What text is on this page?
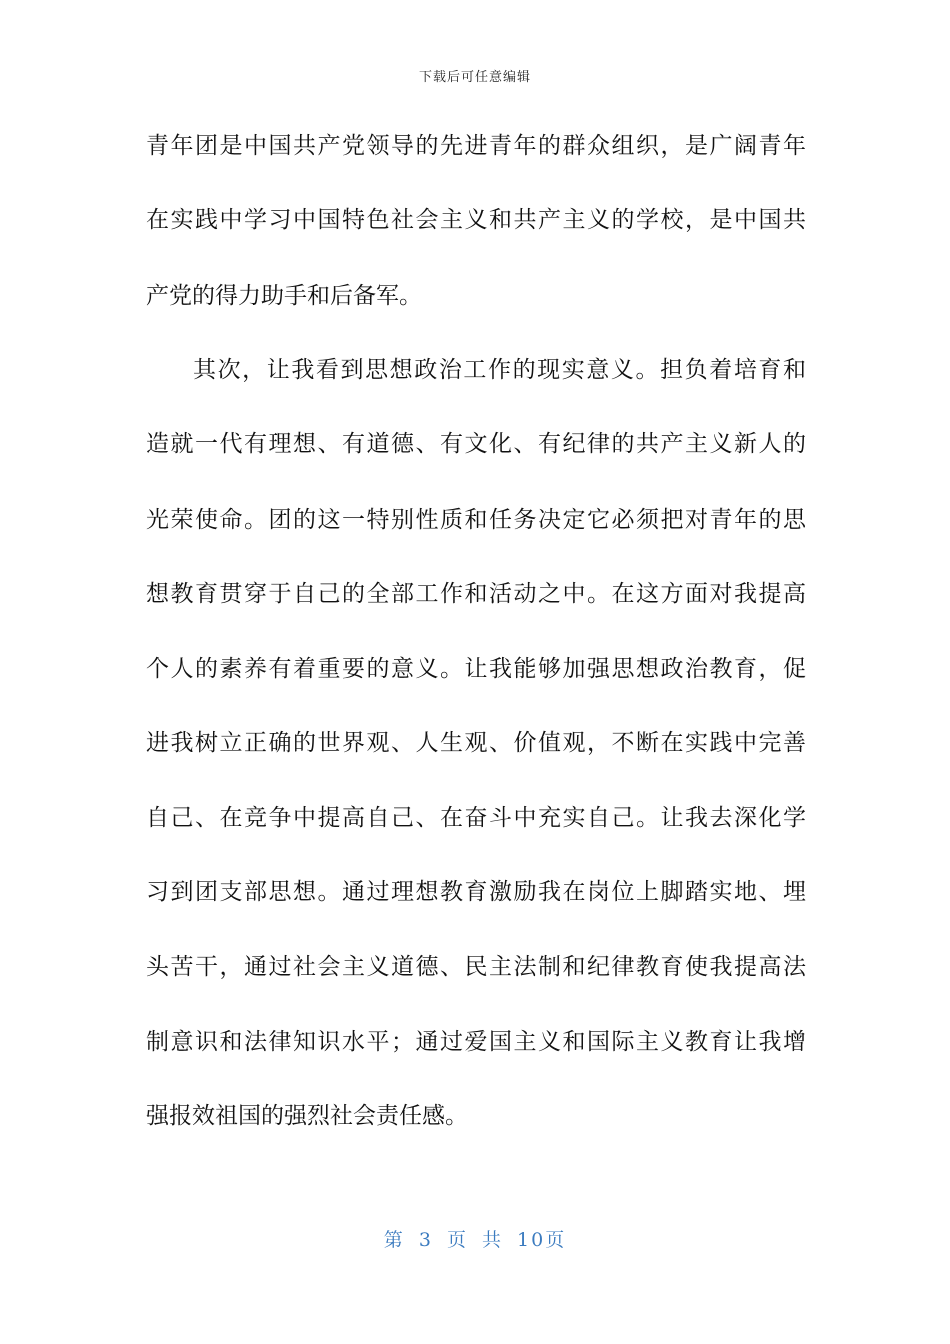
下载后可任意编辑
青年团是中国共产党领导的先进青年的群众组织，是广阔青年
在实践中学习中国特色社会主义和共产主义的学校，是中国共
产党的得力助手和后备军。
其次，让我看到思想政治工作的现实意义。担负着培育和
造就一代有理想、有道德、有文化、有纪律的共产主义新人的
光荣使命。团的这一特别性质和任务决定它必须把对青年的思
想教育贯穿于自己的全部工作和活动之中。在这方面对我提高
个人的素养有着重要的意义。让我能够加强思想政治教育，促
进我树立正确的世界观、人生观、价值观，不断在实践中完善
自己、在竞争中提高自己、在奋斗中充实自己。让我去深化学
习到团支部思想。通过理想教育激励我在岗位上脚踏实地、埋
头苦干，通过社会主义道德、民主法制和纪律教育使我提高法
制意识和法律知识水平；通过爱国主义和国际主义教育让我增
强报效祖国的强烈社会责任感。
第 3 页 共 10页
